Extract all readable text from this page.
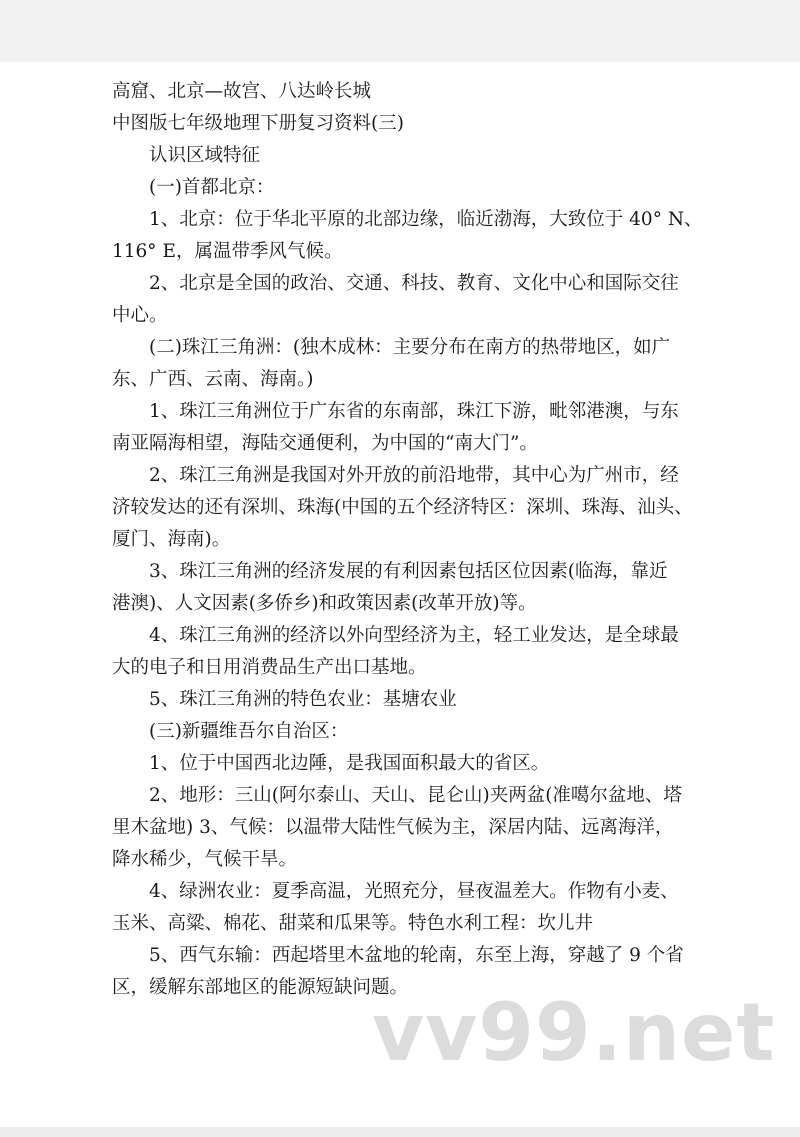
高窟、北京—故宫、八达岭长城
中图版七年级地理下册复习资料(三)
认识区域特征
(一)首都北京：
1、北京：位于华北平原的北部边缘，临近渤海，大致位于 40° N、
116° E，属温带季风气候。
2、北京是全国的政治、交通、科技、教育、文化中心和国际交往
中心。
(二)珠江三角洲：(独木成林：主要分布在南方的热带地区，如广
东、广西、云南、海南。)
1、珠江三角洲位于广东省的东南部，珠江下游，毗邻港澳，与东
南亚隔海相望，海陆交通便利，为中国的“南大门”。
2、珠江三角洲是我国对外开放的前沿地带，其中心为广州市，经
济较发达的还有深圳、珠海(中国的五个经济特区：深圳、珠海、汕头、
厦门、海南)。
3、珠江三角洲的经济发展的有利因素包括区位因素(临海，靠近
港澳)、人文因素(多侨乡)和政策因素(改革开放)等。
4、珠江三角洲的经济以外向型经济为主，轻工业发达，是全球最
大的电子和日用消费品生产出口基地。
5、珠江三角洲的特色农业：基塘农业
(三)新疆维吾尔自治区：
1、位于中国西北边陲，是我国面积最大的省区。
2、地形：三山(阿尔泰山、天山、昆仑山)夹两盆(准噶尔盆地、塔
里木盆地) 3、气候：以温带大陆性气候为主，深居内陆、远离海洋，
降水稀少，气候干旱。
4、绿洲农业：夏季高温，光照充分，昼夜温差大。作物有小麦、
玉米、高粱、棉花、甜菜和瓜果等。特色水利工程：坎儿井
5、西气东输：西起塔里木盆地的轮南，东至上海，穿越了 9 个省
区，缓解东部地区的能源短缺问题。
vv99.net
